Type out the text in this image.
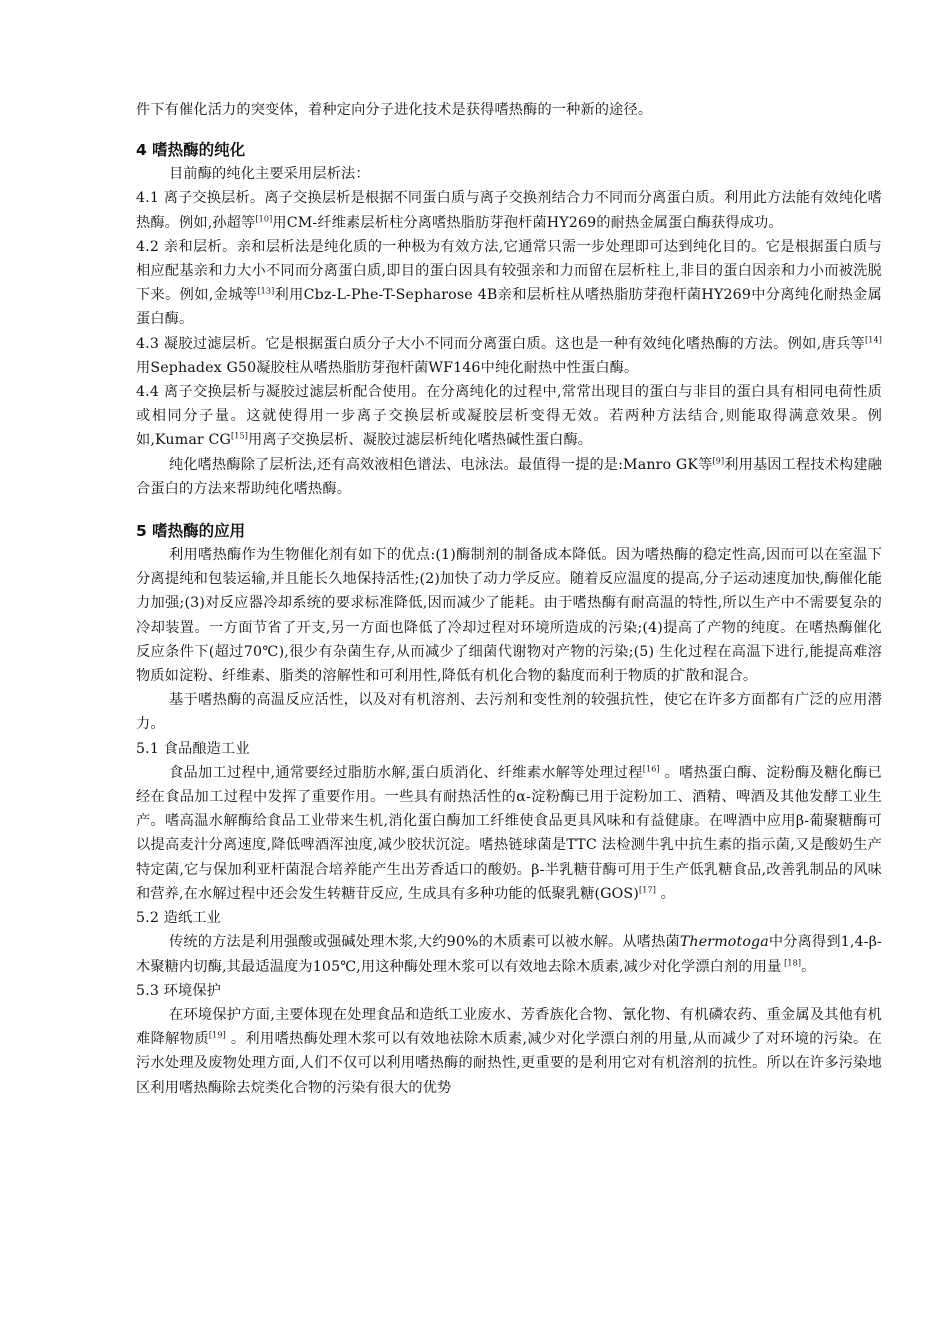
件下有催化活力的突变体，着种定向分子进化技术是获得嗜热酶的一种新的途径。

4 嗜热酶的纯化

目前酶的纯化主要采用层析法：

4.1 离子交换层析。离子交换层析是根据不同蛋白质与离子交换剂结合力不同而分离蛋白质。利用此方法能有效纯化嗜热酶。例如,孙超等[10]用CM-纤维素层析柱分离嗜热脂肪芽孢杆菌HY269的耐热金属蛋白酶获得成功。

4.2 亲和层析。亲和层析法是纯化质的一种极为有效方法,它通常只需一步处理即可达到纯化目的。它是根据蛋白质与相应配基亲和力大小不同而分离蛋白质,即目的蛋白因具有较强亲和力而留在层析柱上,非目的蛋白因亲和力小而被洗脱下来。例如,金城等[13]利用Cbz-L-Phe-T-Sepharose 4B亲和层析柱从嗜热脂肪芽孢杆菌HY269中分离纯化耐热金属蛋白酶。

4.3 凝胶过滤层析。它是根据蛋白质分子大小不同而分离蛋白质。这也是一种有效纯化嗜热酶的方法。例如,唐兵等[14]用Sephadex G50凝胶柱从嗜热脂肪芽孢杆菌WF146中纯化耐热中性蛋白酶。

4.4 离子交换层析与凝胶过滤层析配合使用。在分离纯化的过程中,常常出现目的蛋白与非目的蛋白具有相同电荷性质或相同分子量。这就使得用一步离子交换层析或凝胶层析变得无效。若两种方法结合,则能取得满意效果。例如,Kumar CG[15]用离子交换层析、凝胶过滤层析纯化嗜热碱性蛋白酶。

纯化嗜热酶除了层析法,还有高效液相色谱法、电泳法。最值得一提的是:Manro GK等[9]利用基因工程技术构建融合蛋白的方法来帮助纯化嗜热酶。

5 嗜热酶的应用

利用嗜热酶作为生物催化剂有如下的优点:(1)酶制剂的制备成本降低。因为嗜热酶的稳定性高,因而可以在室温下分离提纯和包装运输,并且能长久地保持活性;(2)加快了动力学反应。随着反应温度的提高,分子运动速度加快,酶催化能力加强;(3)对反应器冷却系统的要求标准降低,因而减少了能耗。由于嗜热酶有耐高温的特性,所以生产中不需要复杂的冷却装置。一方面节省了开支,另一方面也降低了冷却过程对环境所造成的污染;(4)提高了产物的纯度。在嗜热酶催化反应条件下(超过70℃),很少有杂菌生存,从而减少了细菌代谢物对产物的污染;(5) 生化过程在高温下进行,能提高难溶物质如淀粉、纤维素、脂类的溶解性和可利用性,降低有机化合物的黏度而利于物质的扩散和混合。

基于嗜热酶的高温反应活性，以及对有机溶剂、去污剂和变性剂的较强抗性，使它在许多方面都有广泛的应用潜力。

5.1 食品酿造工业

食品加工过程中,通常要经过脂肪水解,蛋白质消化、纤维素水解等处理过程[16] 。嗜热蛋白酶、淀粉酶及糖化酶已经在食品加工过程中发挥了重要作用。一些具有耐热活性的α-淀粉酶已用于淀粉加工、酒精、啤酒及其他发酵工业生产。嗜高温水解酶给食品工业带来生机,消化蛋白酶加工纤维使食品更具风味和有益健康。在啤酒中应用β-葡聚糖酶可以提高麦汁分离速度,降低啤酒浑浊度,减少胶状沉淀。嗜热链球菌是TTC 法检测牛乳中抗生素的指示菌,又是酸奶生产特定菌,它与保加利亚杆菌混合培养能产生出芳香适口的酸奶。β-半乳糖苷酶可用于生产低乳糖食品,改善乳制品的风味和营养,在水解过程中还会发生转糖苷反应, 生成具有多种功能的低聚乳糖(GOS)[17] 。

5.2 造纸工业

传统的方法是利用强酸或强碱处理木浆,大约90%的木质素可以被水解。从嗜热菌Thermotoga中分离得到1,4-β-木聚糖内切酶,其最适温度为105℃,用这种酶处理木浆可以有效地去除木质素,减少对化学漂白剂的用量 [18]。

5.3 环境保护

在环境保护方面,主要体现在处理食品和造纸工业废水、芳香族化合物、氰化物、有机磷农药、重金属及其他有机难降解物质[19] 。利用嗜热酶处理木浆可以有效地祛除木质素,减少对化学漂白剂的用量,从而减少了对环境的污染。在污水处理及废物处理方面,人们不仅可以利用嗜热酶的耐热性,更重要的是利用它对有机溶剂的抗性。所以在许多污染地区利用嗜热酶除去烷类化合物的污染有很大的优势
